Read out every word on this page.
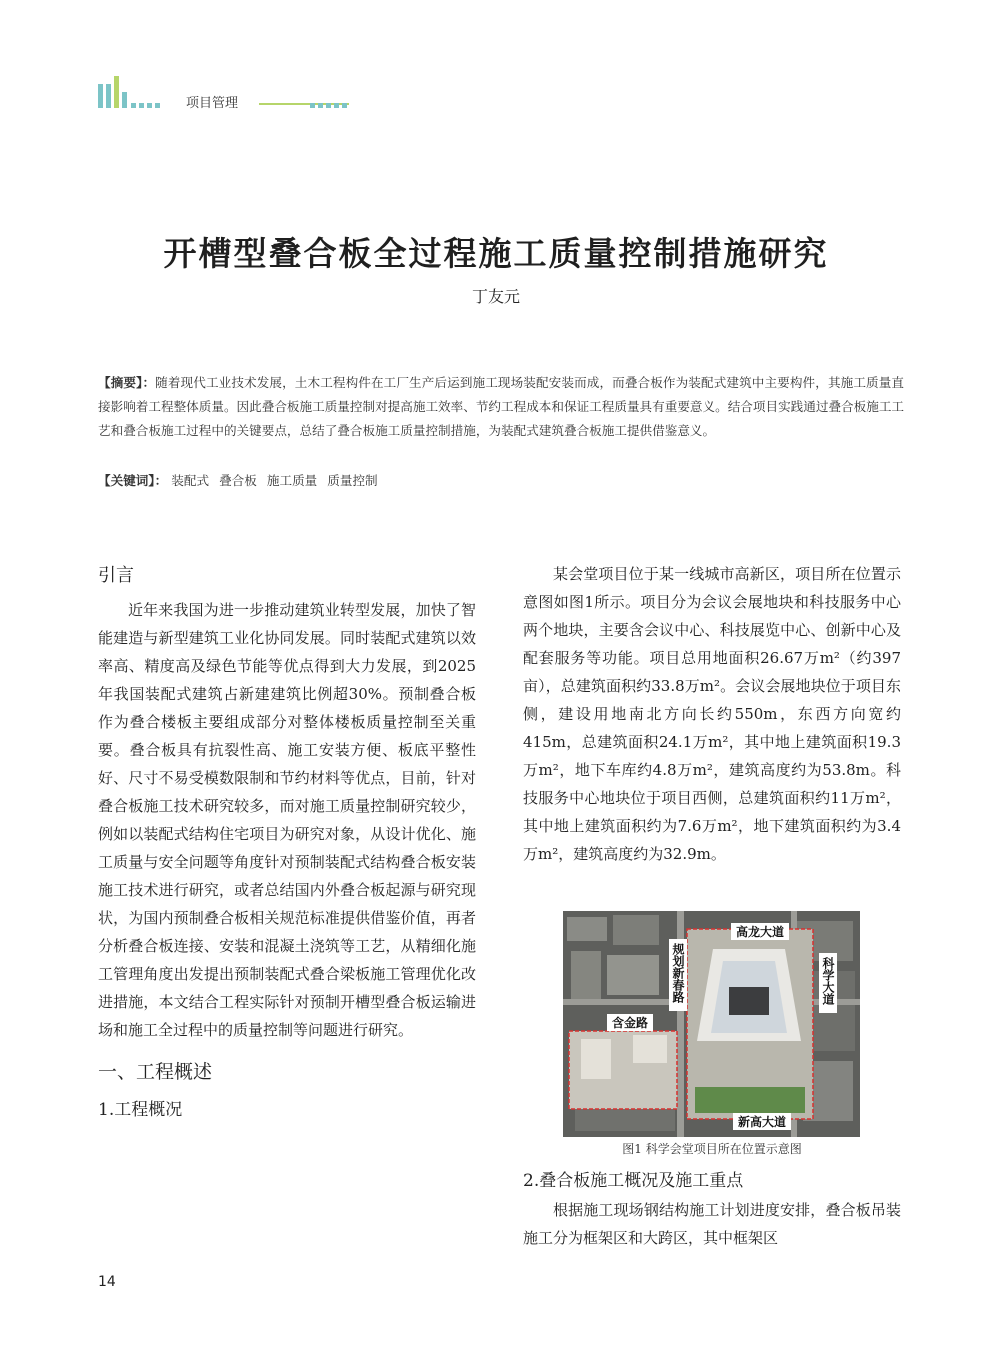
项目管理
开槽型叠合板全过程施工质量控制措施研究
丁友元
【摘要】：随着现代工业技术发展，土木工程构件在工厂生产后运到施工现场装配安装而成，而叠合板作为装配式建筑中主要构件，其施工质量直接影响着工程整体质量。因此叠合板施工质量控制对提高施工效率、节约工程成本和保证工程质量具有重要意义。结合项目实践通过叠合板施工工艺和叠合板施工过程中的关键要点，总结了叠合板施工质量控制措施，为装配式建筑叠合板施工提供借鉴意义。
【关键词】： 装配式 叠合板 施工质量 质量控制
引言

近年来我国为进一步推动建筑业转型发展，加快了智能建造与新型建筑工业化协同发展。同时装配式建筑以效率高、精度高及绿色节能等优点得到大力发展，到2025年我国装配式建筑占新建建筑比例超30%。预制叠合板作为叠合楼板主要组成部分对整体楼板质量控制至关重要。叠合板具有抗裂性高、施工安装方便、板底平整性好、尺寸不易受模数限制和节约材料等优点，目前，针对叠合板施工技术研究较多，而对施工质量控制研究较少，例如以装配式结构住宅项目为研究对象，从设计优化、施工质量与安全问题等角度针对预制装配式结构叠合板安装施工技术进行研究，或者总结国内外叠合板起源与研究现状，为国内预制叠合板相关规范标准提供借鉴价值，再者分析叠合板连接、安装和混凝土浇筑等工艺，从精细化施工管理角度出发提出预制装配式叠合梁板施工管理优化改进措施，本文结合工程实际针对预制开槽型叠合板运输进场和施工全过程中的质量控制等问题进行研究。

一、工程概述
1.工程概况

某会堂项目位于某一线城市高新区，项目所在位置示意图如图1所示。项目分为会议会展地块和科技服务中心两个地块，主要含会议中心、科技展览中心、创新中心及配套服务等功能。项目总用地面积26.67万m²（约397亩），总建筑面积约33.8万m²。会议会展地块位于项目东侧，建设用地南北方向长约550m，东西方向宽约415m，总建筑面积24.1万m²，其中地上建筑面积19.3万m²，地下车库约4.8万m²，建筑高度约为53.8m。科技服务中心地块位于项目西侧，总建筑面积约11万m²，其中地上建筑面积约为7.6万m²，地下建筑面积约为3.4万m²，建筑高度约为32.9m。

高龙大道
规划新春路	科学大道
含金路
新高大道
图1 科学会堂项目所在位置示意图
2.叠合板施工概况及施工重点

根据施工现场钢结构施工计划进度安排，叠合板吊装施工分为框架区和大跨区，其中框架区

14
